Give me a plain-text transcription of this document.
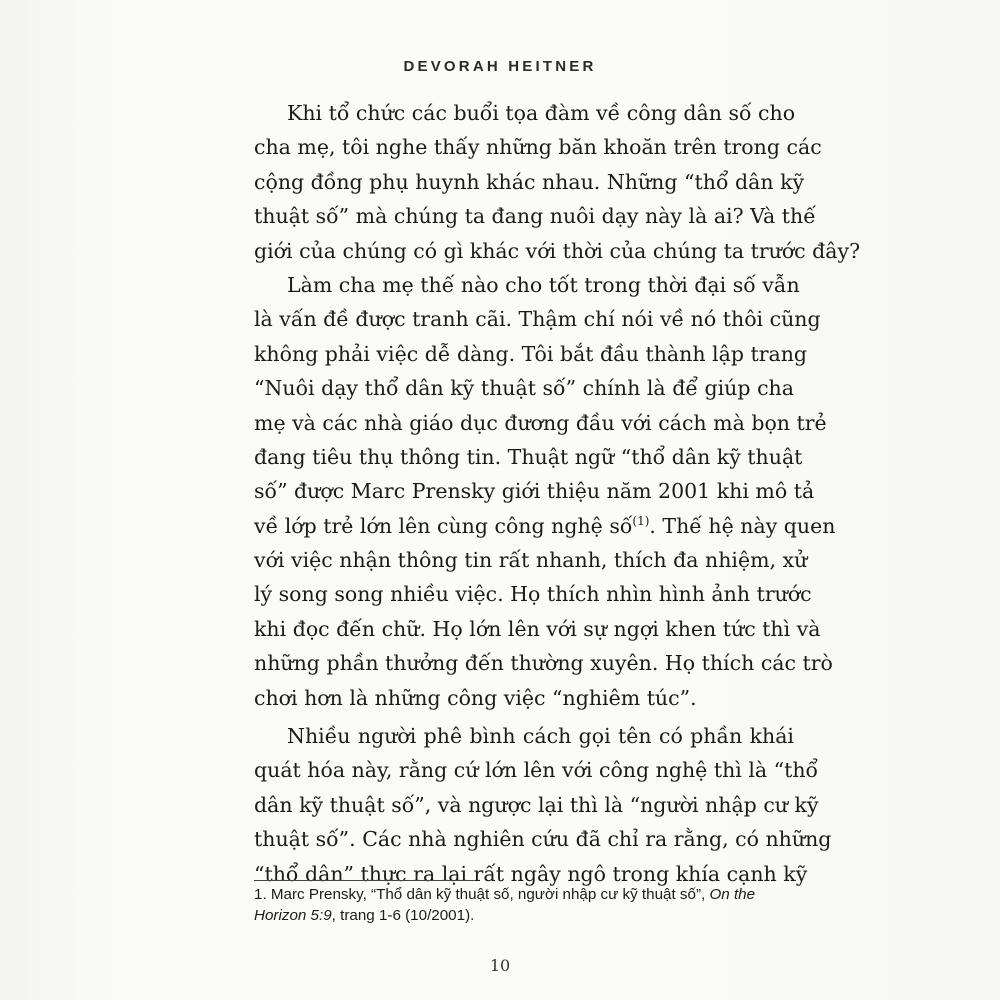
DEVORAH HEITNER
Khi tổ chức các buổi tọa đàm về công dân số cho
cha mẹ, tôi nghe thấy những băn khoăn trên trong các
cộng đồng phụ huynh khác nhau. Những “thổ dân kỹ
thuật số” mà chúng ta đang nuôi dạy này là ai? Và thế
giới của chúng có gì khác với thời của chúng ta trước đây?
Làm cha mẹ thế nào cho tốt trong thời đại số vẫn
là vấn đề được tranh cãi. Thậm chí nói về nó thôi cũng
không phải việc dễ dàng. Tôi bắt đầu thành lập trang
“Nuôi dạy thổ dân kỹ thuật số” chính là để giúp cha
mẹ và các nhà giáo dục đương đầu với cách mà bọn trẻ
đang tiêu thụ thông tin. Thuật ngữ “thổ dân kỹ thuật
số” được Marc Prensky giới thiệu năm 2001 khi mô tả
về lớp trẻ lớn lên cùng công nghệ số$^{(1)}$. Thế hệ này quen
với việc nhận thông tin rất nhanh, thích đa nhiệm, xử
lý song song nhiều việc. Họ thích nhìn hình ảnh trước
khi đọc đến chữ. Họ lớn lên với sự ngợi khen tức thì và
những phần thưởng đến thường xuyên. Họ thích các trò
chơi hơn là những công việc “nghiêm túc”.
Nhiều người phê bình cách gọi tên có phần khái
quát hóa này, rằng cứ lớn lên với công nghệ thì là “thổ
dân kỹ thuật số”, và ngược lại thì là “người nhập cư kỹ
thuật số”. Các nhà nghiên cứu đã chỉ ra rằng, có những
“thổ dân” thực ra lại rất ngây ngô trong khía cạnh kỹ
1. Marc Prensky, “Thổ dân kỹ thuật số, người nhập cư kỹ thuật số”, On the Horizon 5:9, trang 1-6 (10/2001).
10
